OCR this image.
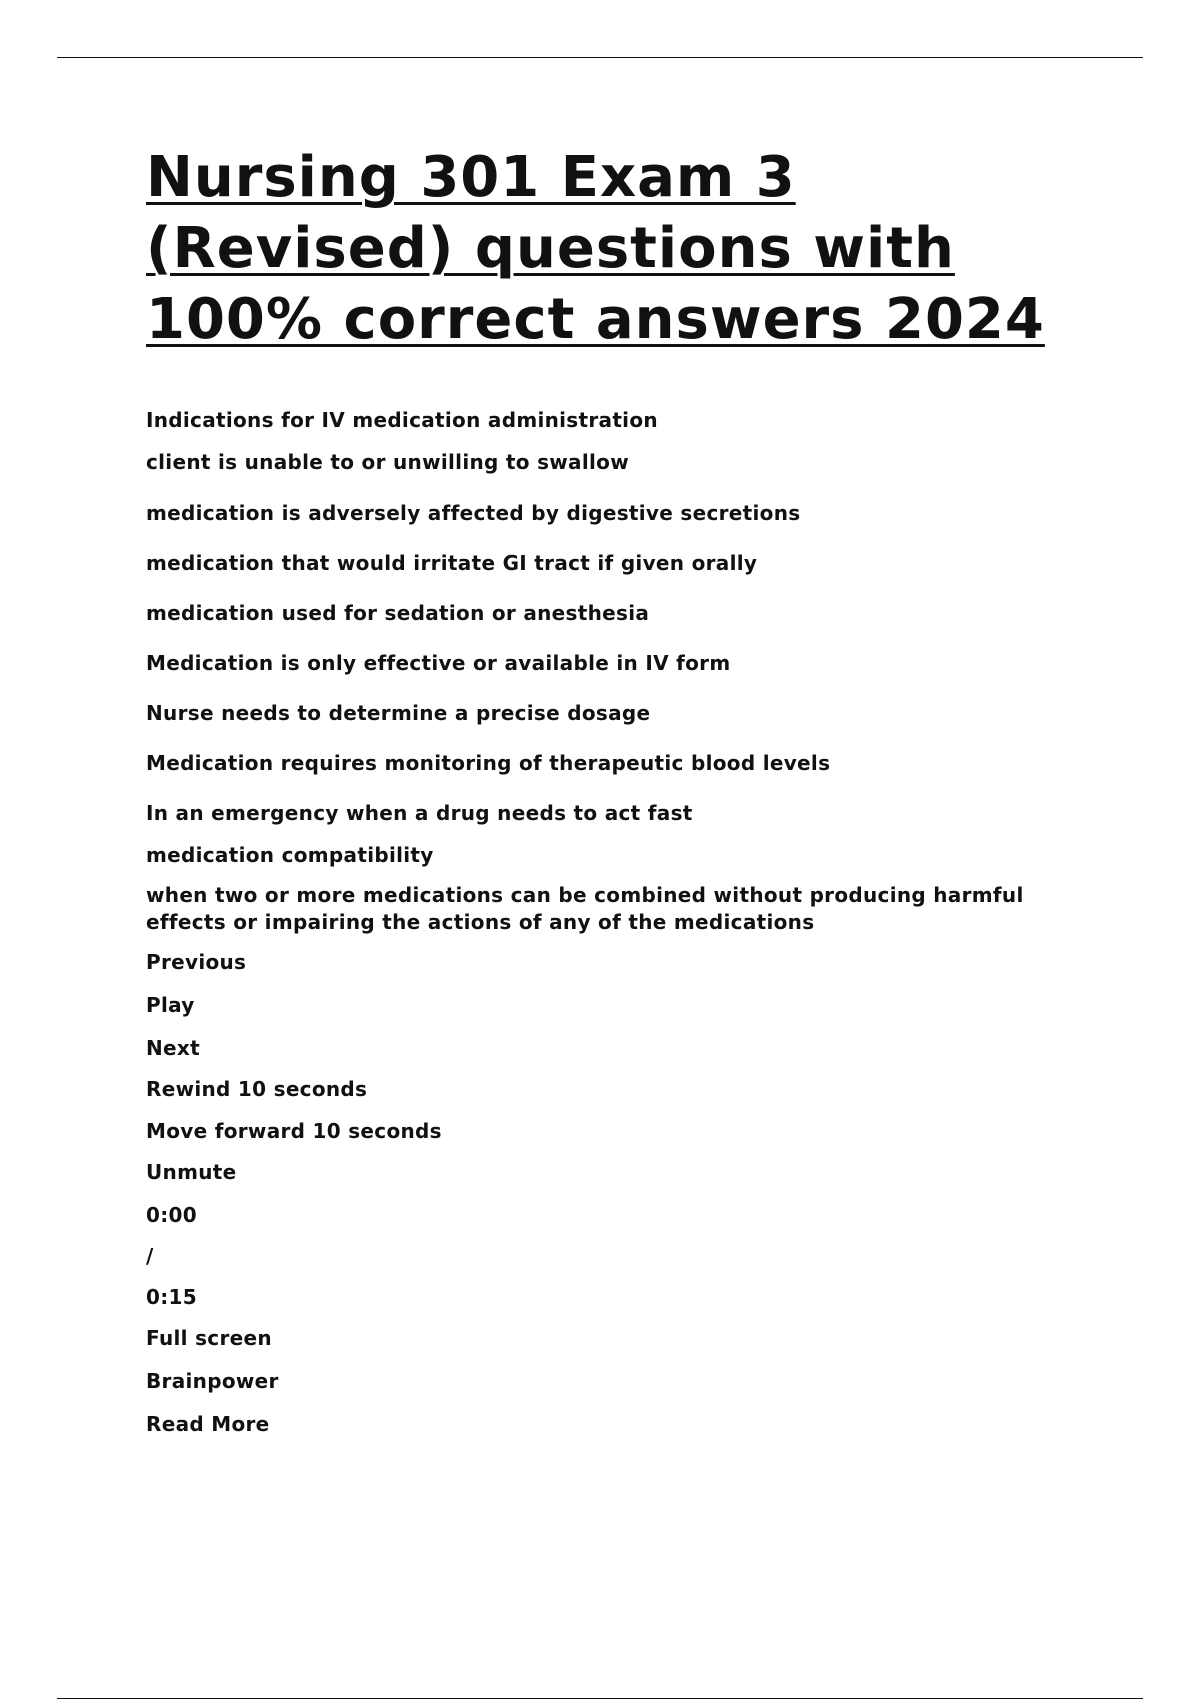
Nursing 301 Exam 3
(Revised) questions with
100% correct answers 2024
Indications for IV medication administration
client is unable to or unwilling to swallow
medication is adversely affected by digestive secretions
medication that would irritate GI tract if given orally
medication used for sedation or anesthesia
Medication is only effective or available in IV form
Nurse needs to determine a precise dosage
Medication requires monitoring of therapeutic blood levels
In an emergency when a drug needs to act fast
medication compatibility
when two or more medications can be combined without producing harmful effects or impairing the actions of any of the medications
Previous
Play
Next
Rewind 10 seconds
Move forward 10 seconds
Unmute
0:00
/
0:15
Full screen
Brainpower
Read More
